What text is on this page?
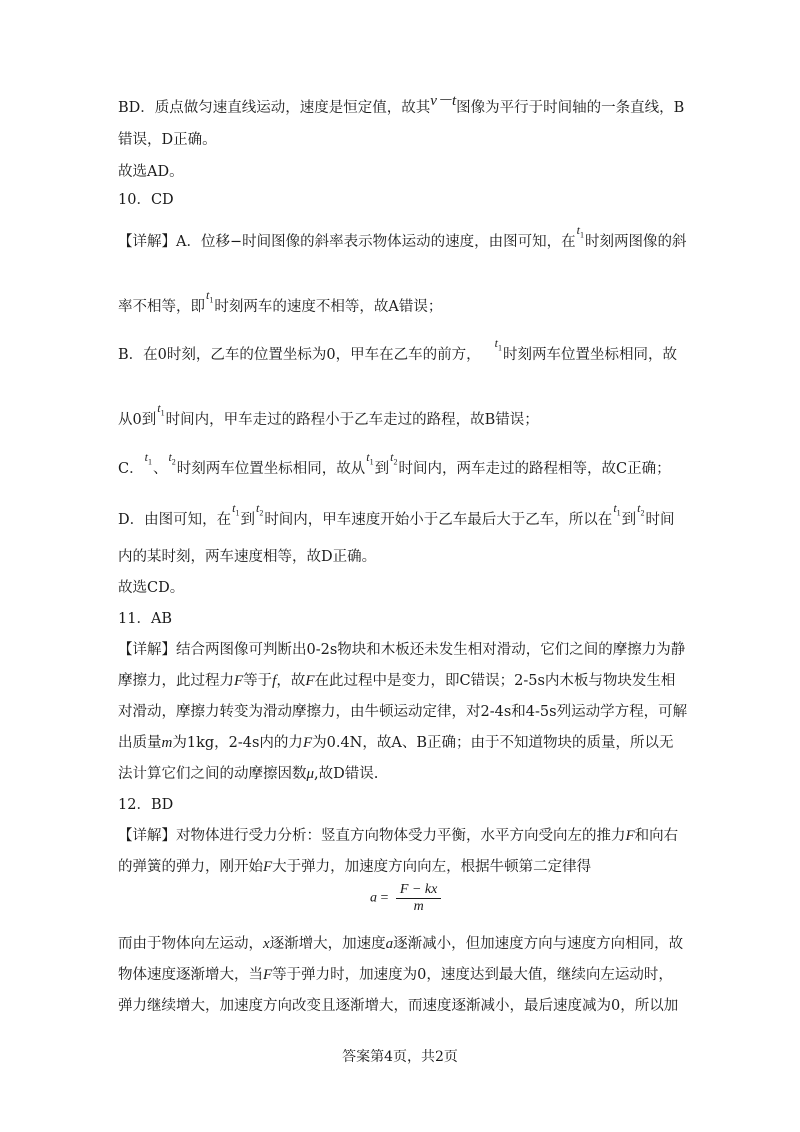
BD．质点做匀速直线运动，速度是恒定值，故其v－t图像为平行于时间轴的一条直线，B
错误，D正确。
故选AD。
10．CD
【详解】A．位移−时间图像的斜率表示物体运动的速度，由图可知，在$t_1$时刻两图像的斜
率不相等，即$t_1$时刻两车的速度不相等，故A错误；
B．在0时刻，乙车的位置坐标为0，甲车在乙车的前方，$t_1$时刻两车位置坐标相同，故
从0到$t_1$时间内，甲车走过的路程小于乙车走过的路程，故B错误；
C．$t_1$、$t_2$时刻两车位置坐标相同，故从$t_1$到$t_2$时间内，两车走过的路程相等，故C正确；
D．由图可知，在$t_1$到$t_2$时间内，甲车速度开始小于乙车最后大于乙车，所以在$t_1$到$t_2$时间
内的某时刻，两车速度相等，故D正确。
故选CD。
11．AB
【详解】结合两图像可判断出0-2s物块和木板还未发生相对滑动，它们之间的摩擦力为静
摩擦力，此过程力F等于f，故F在此过程中是变力，即C错误；2-5s内木板与物块发生相
对滑动，摩擦力转变为滑动摩擦力，由牛顿运动定律，对2-4s和4-5s列运动学方程，可解
出质量m为1kg，2-4s内的力F为0.4N，故A、B正确；由于不知道物块的质量，所以无
法计算它们之间的动摩擦因数μ,故D错误.
12．BD
【详解】对物体进行受力分析：竖直方向物体受力平衡，水平方向受向左的推力F和向右
的弹簧的弹力，刚开始F大于弹力，加速度方向向左，根据牛顿第二定律得
$a = \frac{F - kx}{m}$
而由于物体向左运动，x逐渐增大，加速度a逐渐减小，但加速度方向与速度方向相同，故
物体速度逐渐增大，当F等于弹力时，加速度为0，速度达到最大值，继续向左运动时，
弹力继续增大，加速度方向改变且逐渐增大，而速度逐渐减小，最后速度减为0，所以加
答案第4页，共2页
